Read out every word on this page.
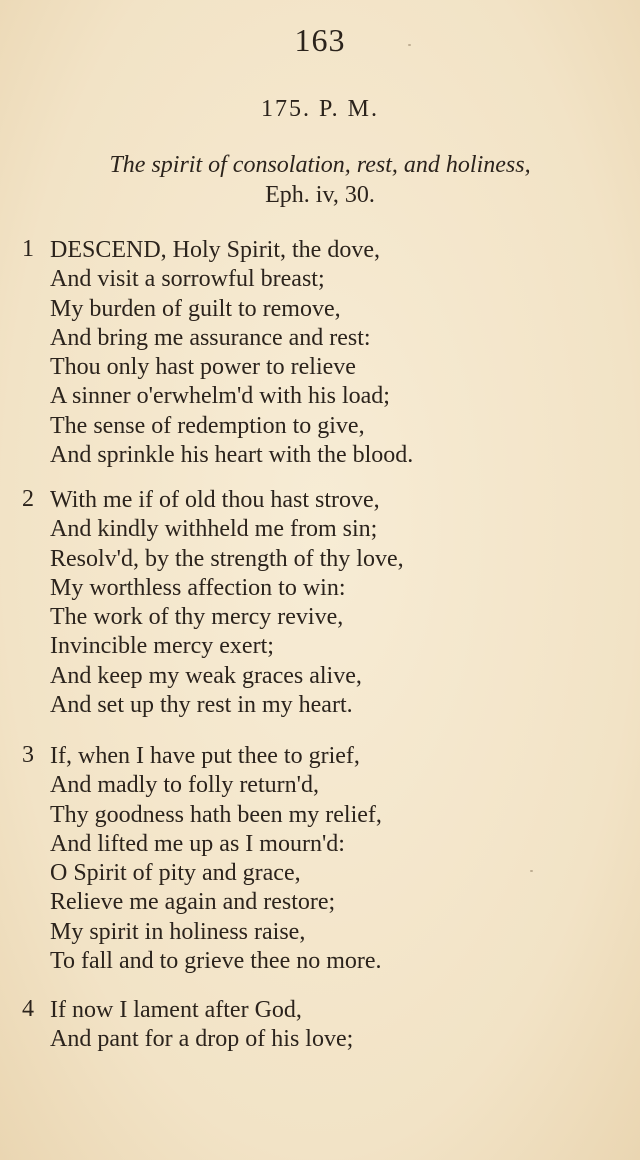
163
175. P. M.
The spirit of consolation, rest, and holiness,
Eph. iv, 30.
1 DESCEND, Holy Spirit, the dove,
And visit a sorrowful breast;
My burden of guilt to remove,
And bring me assurance and rest:
Thou only hast power to relieve
A sinner o'erwhelm'd with his load;
The sense of redemption to give,
And sprinkle his heart with the blood.
2 With me if of old thou hast strove,
And kindly withheld me from sin;
Resolv'd, by the strength of thy love,
My worthless affection to win:
The work of thy mercy revive,
Invincible mercy exert;
And keep my weak graces alive,
And set up thy rest in my heart.
3 If, when I have put thee to grief,
And madly to folly return'd,
Thy goodness hath been my relief,
And lifted me up as I mourn'd:
O Spirit of pity and grace,
Relieve me again and restore;
My spirit in holiness raise,
To fall and to grieve thee no more.
4 If now I lament after God,
And pant for a drop of his love;
